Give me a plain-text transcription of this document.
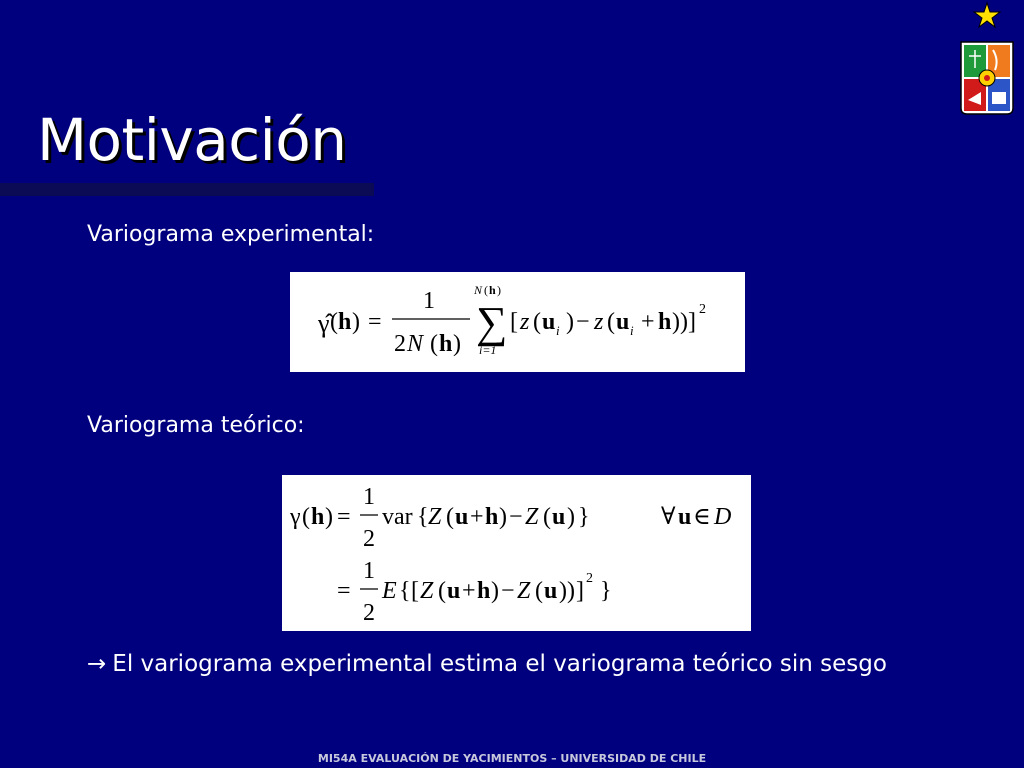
Motivación
Variograma experimental:
γ̂ ( h ) =
1
2 N ( h )
N ( h )
∑
i=1
[ z ( u i ) − z ( u i + h ) ) ] 2
Variograma teórico:
γ ( h ) =
1
2
var { Z ( u + h ) − Z ( u ) }	∀ u ∈ D
=
1
2
E { [ Z ( u + h ) − Z ( u ) ) ] 2 }
→ El variograma experimental estima el variograma teórico sin sesgo
MI54A EVALUACIÓN DE YACIMIENTOS – UNIVERSIDAD DE CHILE
